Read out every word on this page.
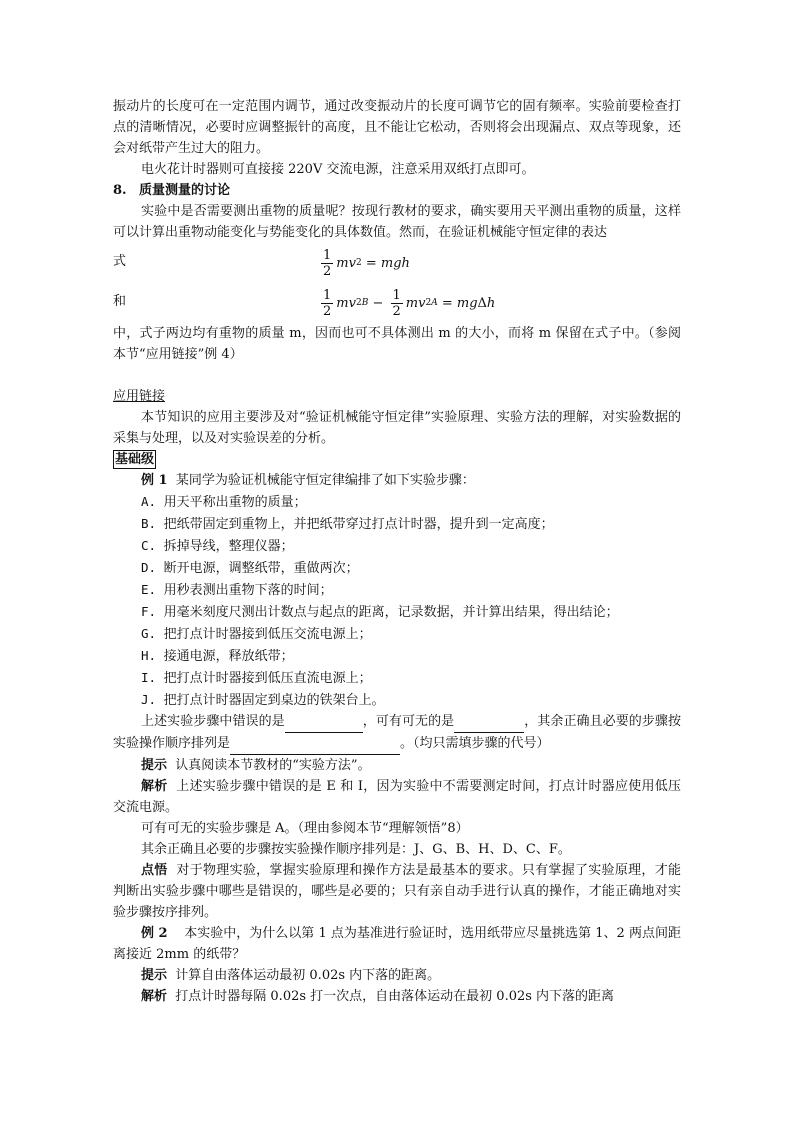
振动片的长度可在一定范围内调节，通过改变振动片的长度可调节它的固有频率。实验前要检查打点的清晰情况，必要时应调整振针的高度，且不能让它松动，否则将会出现漏点、双点等现象，还会对纸带产生过大的阻力。

电火花计时器则可直接接 220V 交流电源，注意采用双纸打点即可。

8. 质量测量的讨论

实验中是否需要测出重物的质量呢？按现行教材的要求，确实要用天平测出重物的质量，这样可以计算出重物动能变化与势能变化的具体数值。然而，在验证机械能守恒定律的表达

式	$\frac{1}{2}$ mv 2
= mgh
和	$\frac{1}{2}$ mv 2 B
−
$\frac{1}{2}$ mv 2 A
= mg Δ h

中，式子两边均有重物的质量 m，因而也可不具体测出 m 的大小，而将 m 保留在式子中。（参阅本节“应用链接”例 4）

应用链接

本节知识的应用主要涉及对“验证机械能守恒定律”实验原理、实验方法的理解，对实验数据的采集与处理，以及对实验误差的分析。

基础级

例 1 某同学为验证机械能守恒定律编排了如下实验步骤：

A. 用天平称出重物的质量；

B. 把纸带固定到重物上，并把纸带穿过打点计时器，提升到一定高度；

C. 拆掉导线，整理仪器；

D. 断开电源，调整纸带，重做两次；

E. 用秒表测出重物下落的时间；

F. 用毫米刻度尺测出计数点与起点的距离，记录数据，并计算出结果，得出结论；

G. 把打点计时器接到低压交流电源上；

H. 接通电源，释放纸带；

I. 把打点计时器接到低压直流电源上；

J. 把打点计时器固定到桌边的铁架台上。

上述实验步骤中错误的是	，可有可无的是	，其余正确且必要的步骤按实验操作顺序排列是	。（均只需填步骤的代号）

提示 认真阅读本节教材的“实验方法”。

解析 上述实验步骤中错误的是 E 和 I，因为实验中不需要测定时间，打点计时器应使用低压交流电源。

可有可无的实验步骤是 A。（理由参阅本节“理解领悟”8）

其余正确且必要的步骤按实验操作顺序排列是：J、G、B、H、D、C、F。

点悟 对于物理实验，掌握实验原理和操作方法是最基本的要求。只有掌握了实验原理，才能判断出实验步骤中哪些是错误的，哪些是必要的；只有亲自动手进行认真的操作，才能正确地对实验步骤按序排列。

例 2 本实验中，为什么以第 1 点为基准进行验证时，选用纸带应尽量挑选第 1、2 两点间距离接近 2mm 的纸带？

提示 计算自由落体运动最初 0.02s 内下落的距离。

解析 打点计时器每隔 0.02s 打一次点，自由落体运动在最初 0.02s 内下落的距离
